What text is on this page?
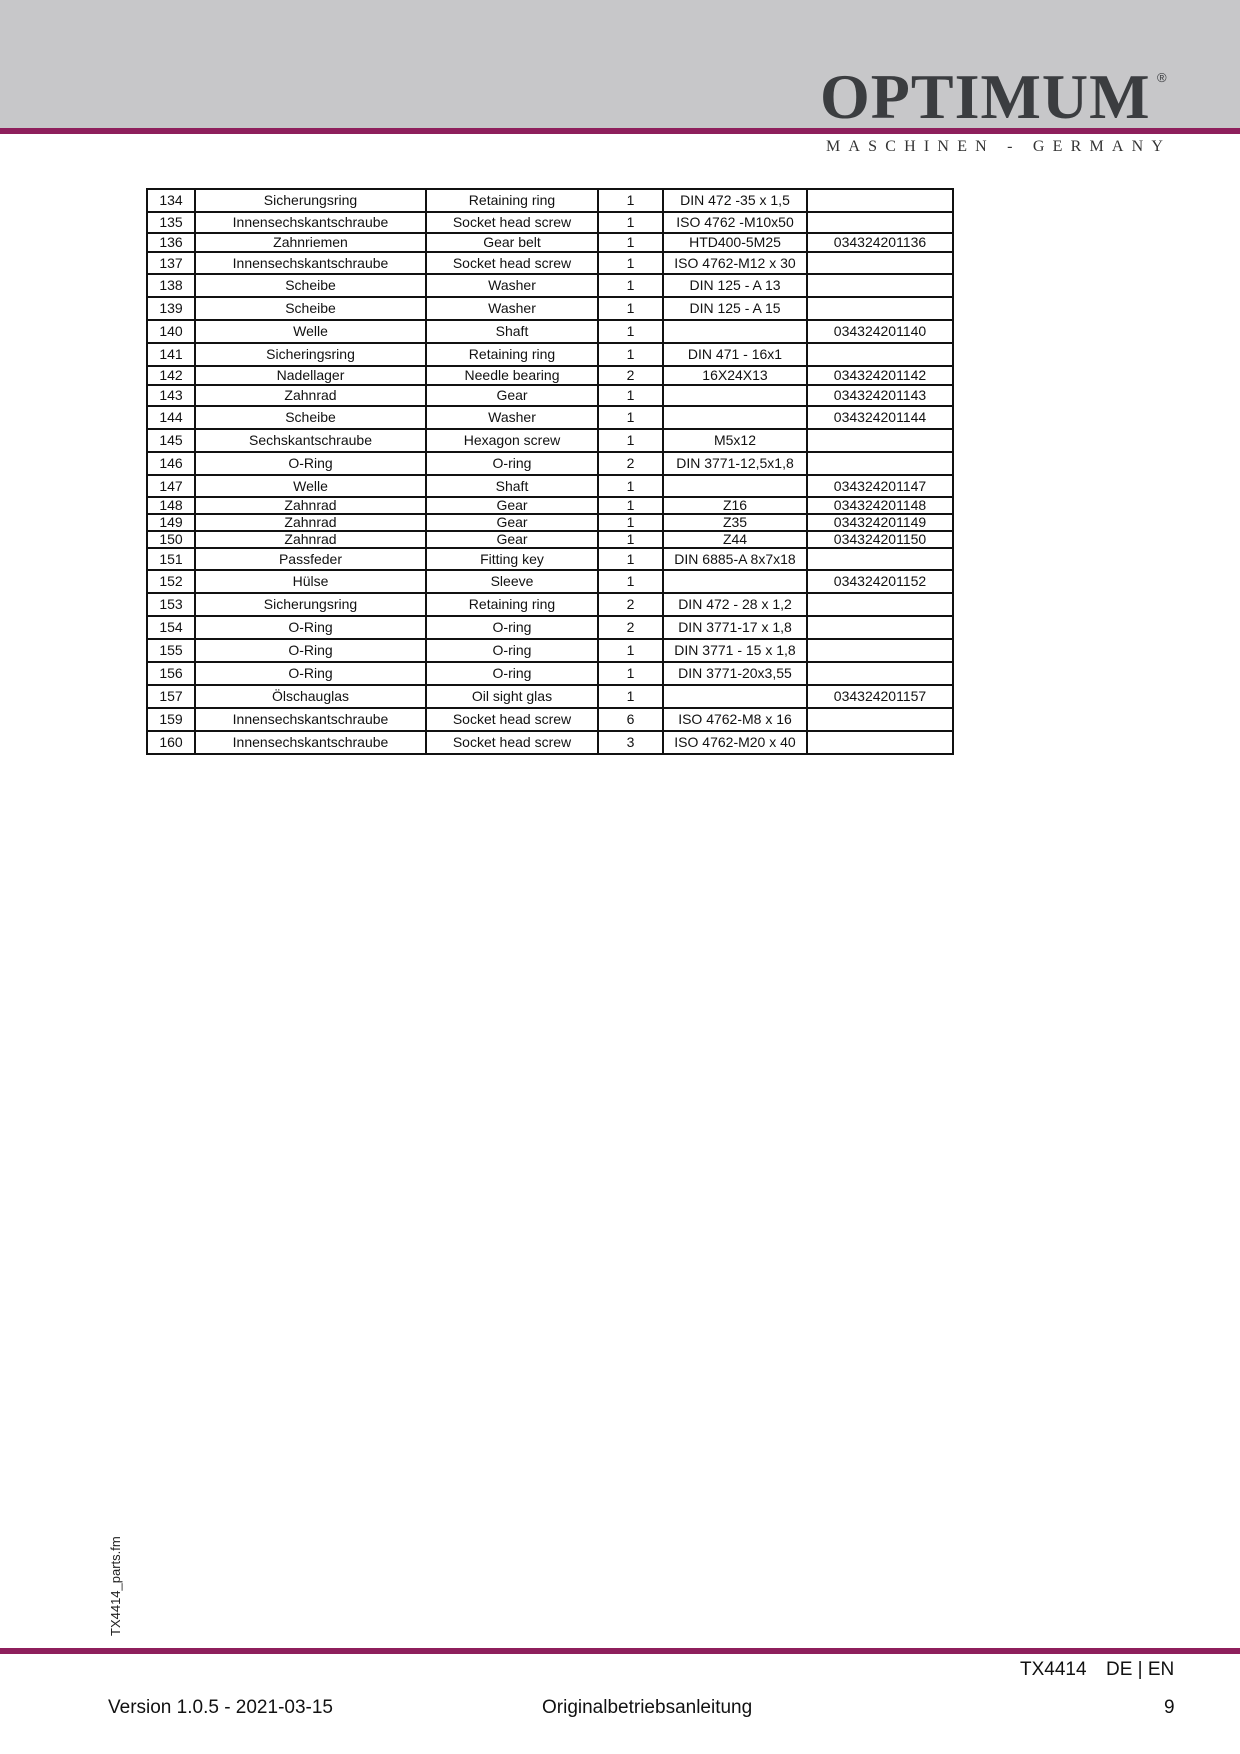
OPTIMUM ®
MASCHINEN - GERMANY
134	Sicherungsring	Retaining ring	1	DIN 472 -35 x 1,5	
135	Innensechskantschraube	Socket head screw	1	ISO 4762 -M10x50	
136	Zahnriemen	Gear belt	1	HTD400-5M25	034324201136
137	Innensechskantschraube	Socket head screw	1	ISO 4762-M12 x 30	
138	Scheibe	Washer	1	DIN 125 - A 13	
139	Scheibe	Washer	1	DIN 125 - A 15	
140	Welle	Shaft	1		034324201140
141	Sicheringsring	Retaining ring	1	DIN 471 - 16x1	
142	Nadellager	Needle bearing	2	16X24X13	034324201142
143	Zahnrad	Gear	1		034324201143
144	Scheibe	Washer	1		034324201144
145	Sechskantschraube	Hexagon screw	1	M5x12	
146	O-Ring	O-ring	2	DIN 3771-12,5x1,8	
147	Welle	Shaft	1		034324201147
148	Zahnrad	Gear	1	Z16	034324201148
149	Zahnrad	Gear	1	Z35	034324201149
150	Zahnrad	Gear	1	Z44	034324201150
151	Passfeder	Fitting key	1	DIN 6885-A 8x7x18	
152	Hülse	Sleeve	1		034324201152
153	Sicherungsring	Retaining ring	2	DIN 472 - 28 x 1,2	
154	O-Ring	O-ring	2	DIN 3771-17 x 1,8	
155	O-Ring	O-ring	1	DIN 3771 - 15 x 1,8	
156	O-Ring	O-ring	1	DIN 3771-20x3,55	
157	Ölschauglas	Oil sight glas	1		034324201157
159	Innensechskantschraube	Socket head screw	6	ISO 4762-M8 x 16	
160	Innensechskantschraube	Socket head screw	3	ISO 4762-M20 x 40	
TX4414_parts.fm
TX4414 DE | EN
Version 1.0.5 - 2021-03-15	Originalbetriebsanleitung	9
